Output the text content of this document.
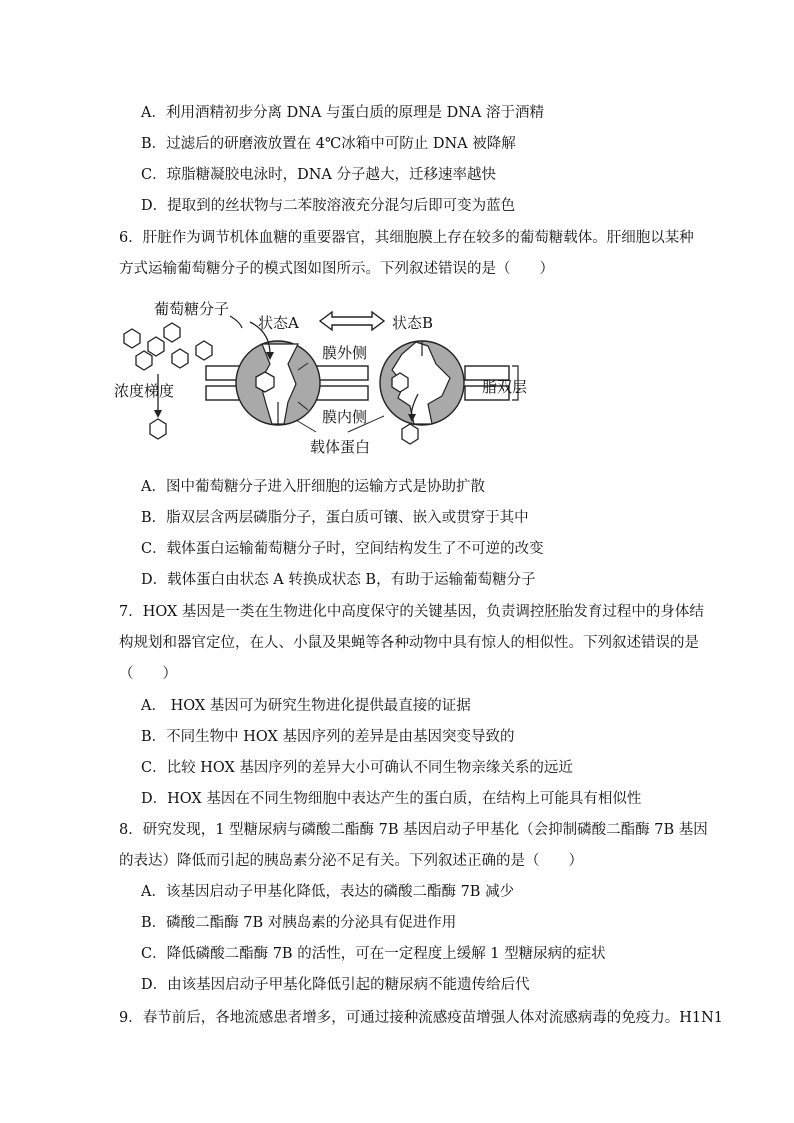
A．利用酒精初步分离 DNA 与蛋白质的原理是 DNA 溶于酒精
B．过滤后的研磨液放置在 4℃冰箱中可防止 DNA 被降解
C．琼脂糖凝胶电泳时，DNA 分子越大，迁移速率越快
D．提取到的丝状物与二苯胺溶液充分混匀后即可变为蓝色
6．肝脏作为调节机体血糖的重要器官，其细胞膜上存在较多的葡萄糖载体。肝细胞以某种
方式运输葡萄糖分子的模式图如图所示。下列叙述错误的是（　　）
葡萄糖分子
状态A	状态B
膜外侧
浓度梯度	脂双层
膜内侧
载体蛋白
A．图中葡萄糖分子进入肝细胞的运输方式是协助扩散
B．脂双层含两层磷脂分子，蛋白质可镶、嵌入或贯穿于其中
C．载体蛋白运输葡萄糖分子时，空间结构发生了不可逆的改变
D．载体蛋白由状态 A 转换成状态 B，有助于运输葡萄糖分子
7．HOX 基因是一类在生物进化中高度保守的关键基因，负责调控胚胎发育过程中的身体结
构规划和器官定位，在人、小鼠及果蝇等各种动物中具有惊人的相似性。下列叙述错误的是
（　　）
A． HOX 基因可为研究生物进化提供最直接的证据
B．不同生物中 HOX 基因序列的差异是由基因突变导致的
C．比较 HOX 基因序列的差异大小可确认不同生物亲缘关系的远近
D．HOX 基因在不同生物细胞中表达产生的蛋白质，在结构上可能具有相似性
8．研究发现，1 型糖尿病与磷酸二酯酶 7B 基因启动子甲基化（会抑制磷酸二酯酶 7B 基因
的表达）降低而引起的胰岛素分泌不足有关。下列叙述正确的是（　　）
A．该基因启动子甲基化降低，表达的磷酸二酯酶 7B 减少
B．磷酸二酯酶 7B 对胰岛素的分泌具有促进作用
C．降低磷酸二酯酶 7B 的活性，可在一定程度上缓解 1 型糖尿病的症状
D．由该基因启动子甲基化降低引起的糖尿病不能遗传给后代
9．春节前后，各地流感患者增多，可通过接种流感疫苗增强人体对流感病毒的免疫力。H1N1
